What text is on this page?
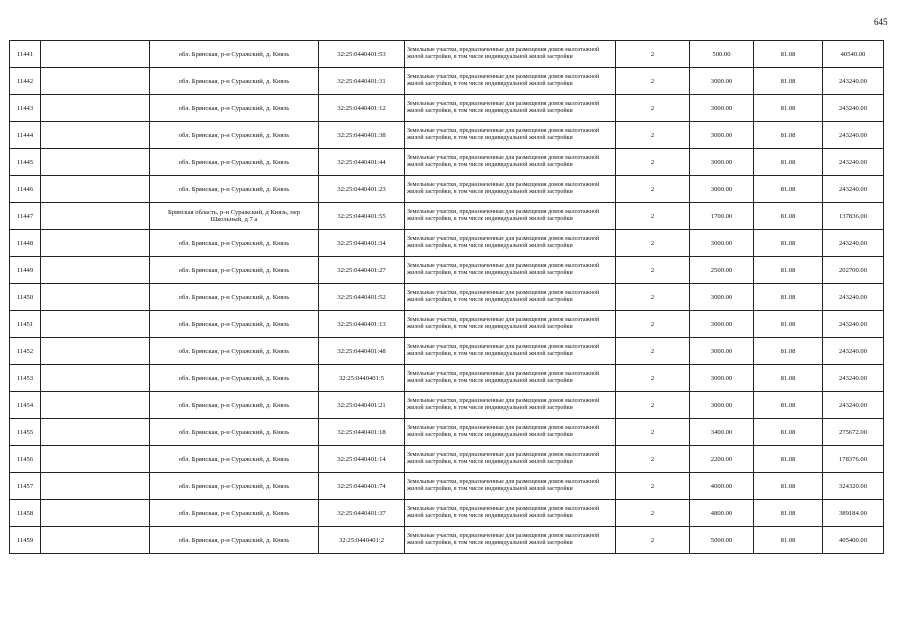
645
11441		обл. Брянская, р-н Суражский, д. Князь	32:25:0440401:53	Земельные участки, предназначенные для размещения домов малоэтажной жилой застройки, в том числе индивидуальной жилой застройки	2	500.00	81.08	40540.00
11442		обл. Брянская, р-н Суражский, д. Князь	32:25:0440401:31	Земельные участки, предназначенные для размещения домов малоэтажной жилой застройки, в том числе индивидуальной жилой застройки	2	3000.00	81.08	243240.00
11443		обл. Брянская, р-н Суражский, д. Князь	32:25:0440401:12	Земельные участки, предназначенные для размещения домов малоэтажной жилой застройки, в том числе индивидуальной жилой застройки	2	3000.00	81.08	243240.00
11444		обл. Брянская, р-н Суражский, д. Князь	32:25:0440401:38	Земельные участки, предназначенные для размещения домов малоэтажной жилой застройки, в том числе индивидуальной жилой застройки	2	3000.00	81.08	243240.00
11445		обл. Брянская, р-н Суражский, д. Князь	32:25:0440401:44	Земельные участки, предназначенные для размещения домов малоэтажной жилой застройки, в том числе индивидуальной жилой застройки	2	3000.00	81.08	243240.00
11446		обл. Брянская, р-н Суражский, д. Князь	32:25:0440401:23	Земельные участки, предназначенные для размещения домов малоэтажной жилой застройки, в том числе индивидуальной жилой застройки	2	3000.00	81.08	243240.00
11447		Брянская область, р-н Суражский, д Князь, пер Школьный, д 7 а	32:25:0440401:55	Земельные участки, предназначенные для размещения домов малоэтажной жилой застройки, в том числе индивидуальной жилой застройки	2	1700.00	81.08	137836.00
11448		обл. Брянская, р-н Суражский, д. Князь	32:25:0440401:34	Земельные участки, предназначенные для размещения домов малоэтажной жилой застройки, в том числе индивидуальной жилой застройки	2	3000.00	81.08	243240.00
11449		обл. Брянская, р-н Суражский, д. Князь	32:25:0440401:27	Земельные участки, предназначенные для размещения домов малоэтажной жилой застройки, в том числе индивидуальной жилой застройки	2	2500.00	81.08	202700.00
11450		обл. Брянская, р-н Суражский, д. Князь	32:25:0440401:52	Земельные участки, предназначенные для размещения домов малоэтажной жилой застройки, в том числе индивидуальной жилой застройки	2	3000.00	81.08	243240.00
11451		обл. Брянская, р-н Суражский, д. Князь	32:25:0440401:13	Земельные участки, предназначенные для размещения домов малоэтажной жилой застройки, в том числе индивидуальной жилой застройки	2	3000.00	81.08	243240.00
11452		обл. Брянская, р-н Суражский, д. Князь	32:25:0440401:48	Земельные участки, предназначенные для размещения домов малоэтажной жилой застройки, в том числе индивидуальной жилой застройки	2	3000.00	81.08	243240.00
11453		обл. Брянская, р-н Суражский, д. Князь	32:25:0440401:5	Земельные участки, предназначенные для размещения домов малоэтажной жилой застройки, в том числе индивидуальной жилой застройки	2	3000.00	81.08	243240.00
11454		обл. Брянская, р-н Суражский, д. Князь	32:25:0440401:21	Земельные участки, предназначенные для размещения домов малоэтажной жилой застройки, в том числе индивидуальной жилой застройки	2	3000.00	81.08	243240.00
11455		обл. Брянская, р-н Суражский, д. Князь	32:25:0440401:18	Земельные участки, предназначенные для размещения домов малоэтажной жилой застройки, в том числе индивидуальной жилой застройки	2	3400.00	81.08	275672.00
11456		обл. Брянская, р-н Суражский, д. Князь	32:25:0440401:14	Земельные участки, предназначенные для размещения домов малоэтажной жилой застройки, в том числе индивидуальной жилой застройки	2	2200.00	81.08	178376.00
11457		обл. Брянская, р-н Суражский, д. Князь	32:25:0440401:74	Земельные участки, предназначенные для размещения домов малоэтажной жилой застройки, в том числе индивидуальной жилой застройки	2	4000.00	81.08	324320.00
11458		обл. Брянская, р-н Суражский, д. Князь	32:25:0440401:37	Земельные участки, предназначенные для размещения домов малоэтажной жилой застройки, в том числе индивидуальной жилой застройки	2	4800.00	81.08	389184.00
11459		обл. Брянская, р-н Суражский, д. Князь	32:25:0440401:2	Земельные участки, предназначенные для размещения домов малоэтажной жилой застройки, в том числе индивидуальной жилой застройки	2	5000.00	81.08	405400.00
